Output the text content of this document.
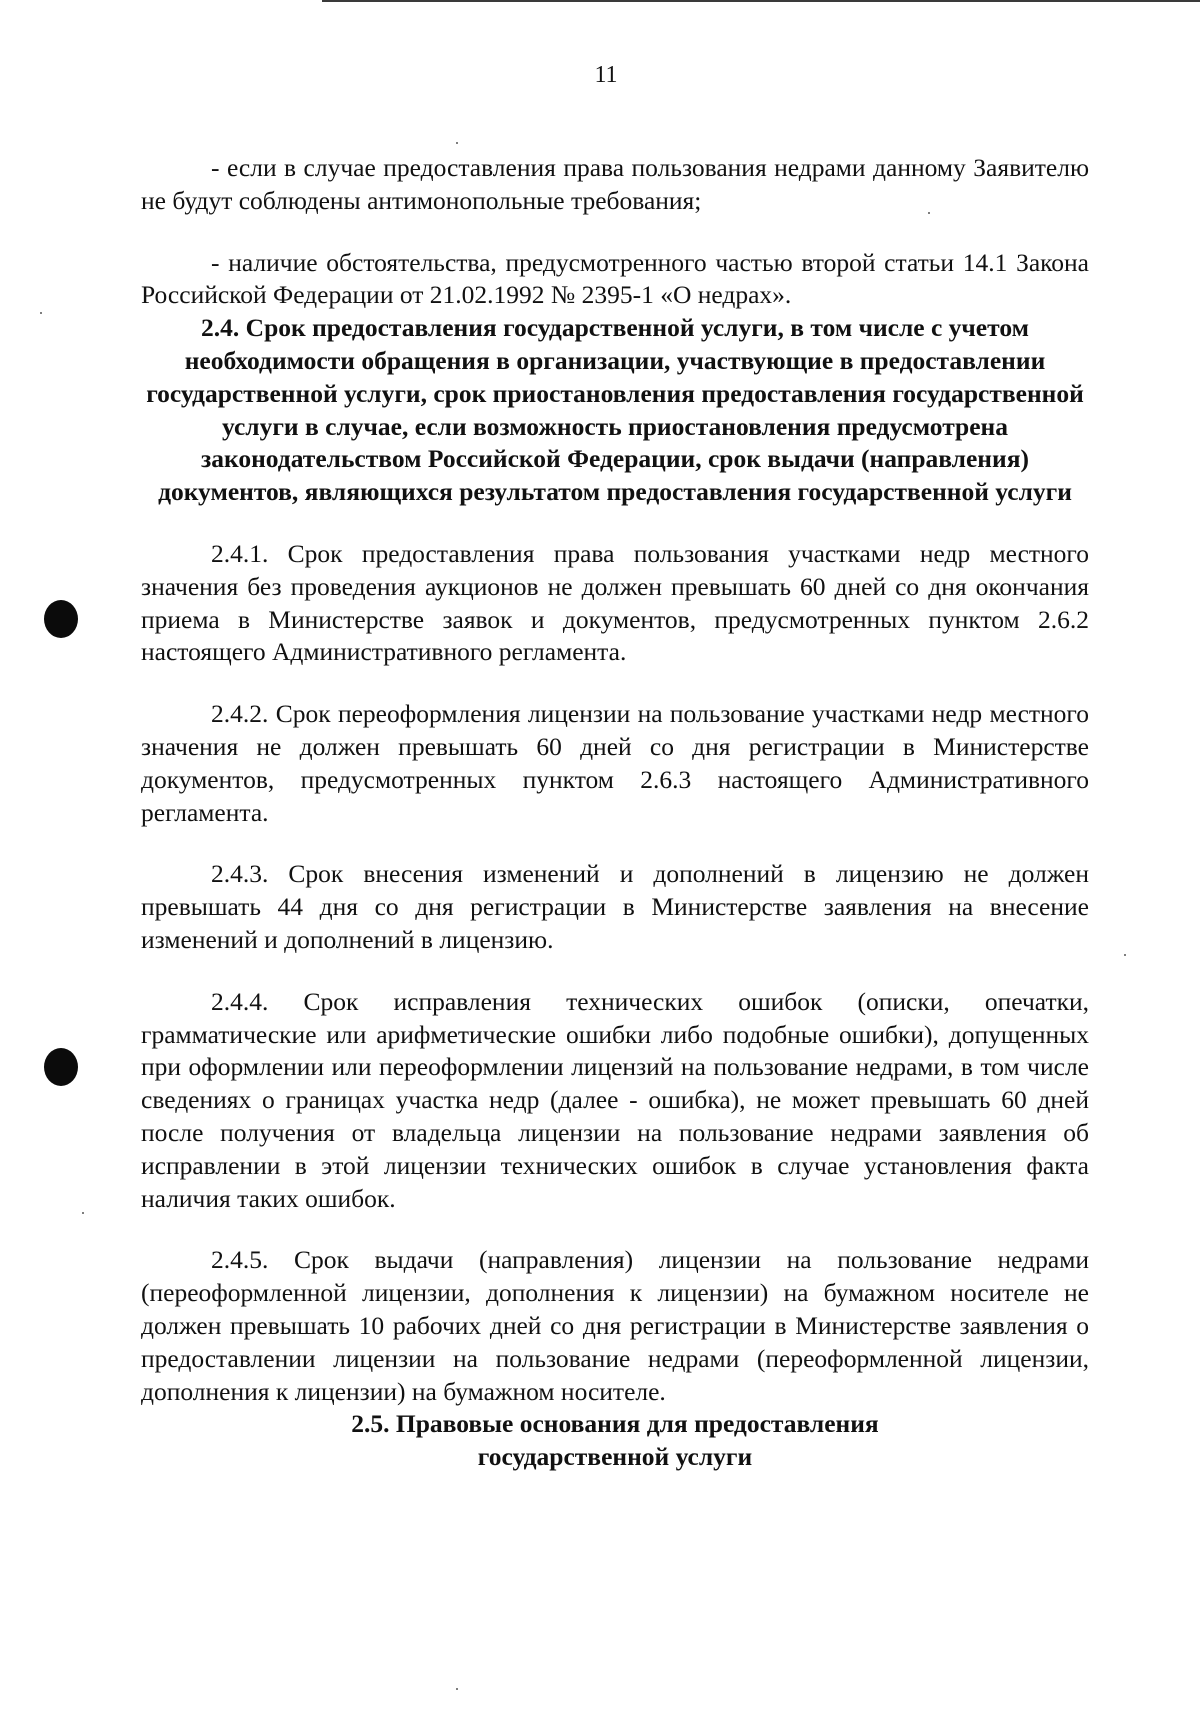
11

- если в случае предоставления права пользования недрами данному Заявителю не будут соблюдены антимонопольные требования;

- наличие обстоятельства, предусмотренного частью второй статьи 14.1 Закона Российской Федерации от 21.02.1992 № 2395-1 «О недрах».

2.4. Срок предоставления государственной услуги, в том числе с учетом необходимости обращения в организации, участвующие в предоставлении государственной услуги, срок приостановления предоставления государственной услуги в случае, если возможность приостановления предусмотрена законодательством Российской Федерации, срок выдачи (направления) документов, являющихся результатом предоставления государственной услуги

2.4.1. Срок предоставления права пользования участками недр местного значения без проведения аукционов не должен превышать 60 дней со дня окончания приема в Министерстве заявок и документов, предусмотренных пунктом 2.6.2 настоящего Административного регламента.

2.4.2. Срок переоформления лицензии на пользование участками недр местного значения не должен превышать 60 дней со дня регистрации в Министерстве документов, предусмотренных пунктом 2.6.3 настоящего Административного регламента.

2.4.3. Срок внесения изменений и дополнений в лицензию не должен превышать 44 дня со дня регистрации в Министерстве заявления на внесение изменений и дополнений в лицензию.

2.4.4. Срок исправления технических ошибок (описки, опечатки, грамматические или арифметические ошибки либо подобные ошибки), допущенных при оформлении или переоформлении лицензий на пользование недрами, в том числе сведениях о границах участка недр (далее - ошибка), не может превышать 60 дней после получения от владельца лицензии на пользование недрами заявления об исправлении в этой лицензии технических ошибок в случае установления факта наличия таких ошибок.

2.4.5. Срок выдачи (направления) лицензии на пользование недрами (переоформленной лицензии, дополнения к лицензии) на бумажном носителе не должен превышать 10 рабочих дней со дня регистрации в Министерстве заявления о предоставлении лицензии на пользование недрами (переоформленной лицензии, дополнения к лицензии) на бумажном носителе.

2.5. Правовые основания для предоставления
государственной услуги
